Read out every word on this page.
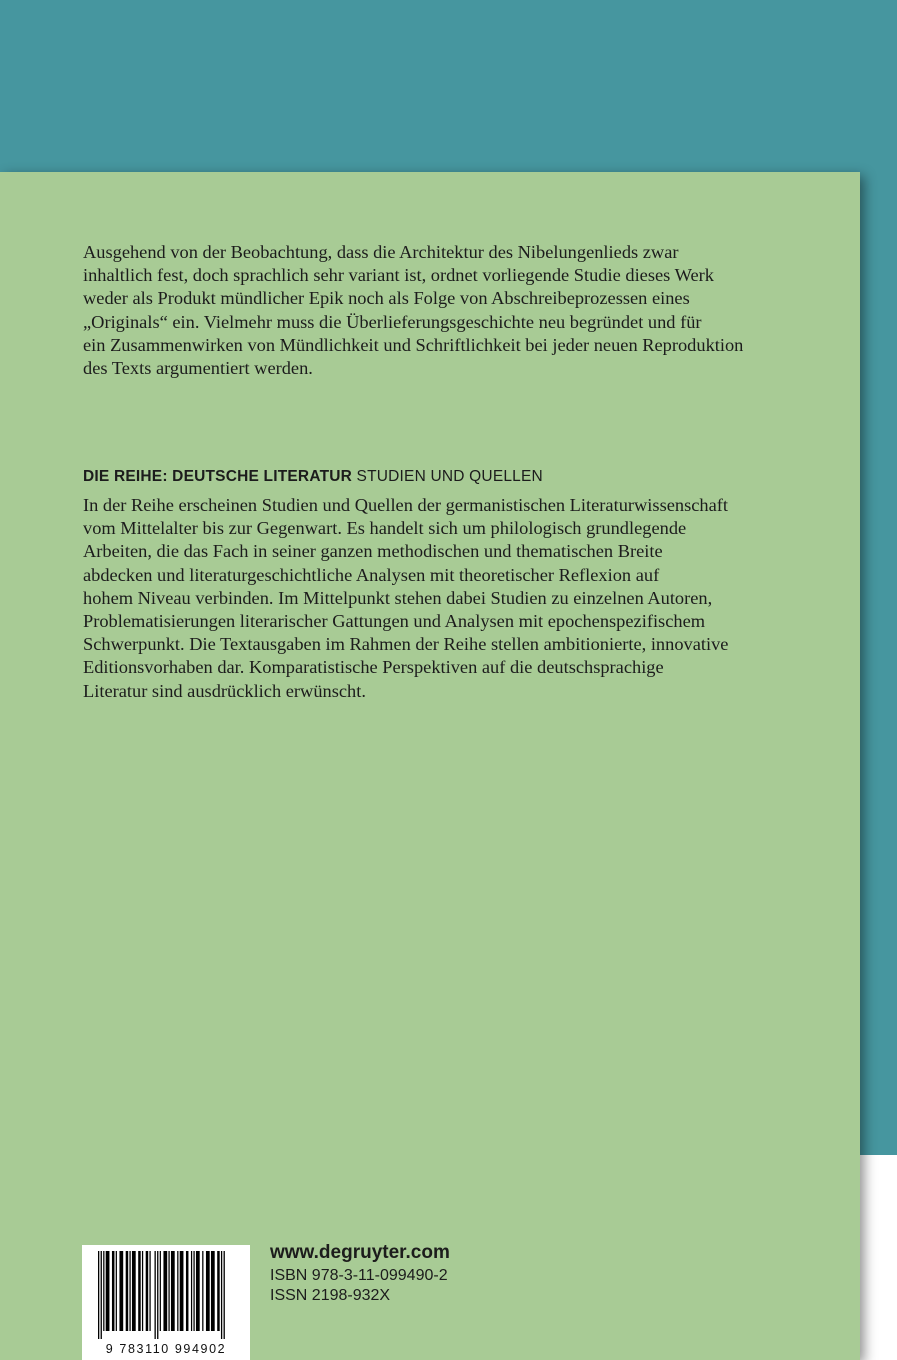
Ausgehend von der Beobachtung, dass die Architektur des Nibelungenlieds zwar
inhaltlich fest, doch sprachlich sehr variant ist, ordnet vorliegende Studie dieses Werk
weder als Produkt mündlicher Epik noch als Folge von Abschreibeprozessen eines
„Originals“ ein. Vielmehr muss die Überlieferungsgeschichte neu begründet und für
ein Zusammenwirken von Mündlichkeit und Schriftlichkeit bei jeder neuen Reproduktion
des Texts argumentiert werden.
DIE REIHE: DEUTSCHE LITERATUR STUDIEN UND QUELLEN
In der Reihe erscheinen Studien und Quellen der germanistischen Literaturwissenschaft
vom Mittelalter bis zur Gegenwart. Es handelt sich um philologisch grundlegende
Arbeiten, die das Fach in seiner ganzen methodischen und thematischen Breite
abdecken und literaturgeschichtliche Analysen mit theoretischer Reflexion auf
hohem Niveau verbinden. Im Mittelpunkt stehen dabei Studien zu einzelnen Autoren,
Problematisierungen literarischer Gattungen und Analysen mit epochenspezifischem
Schwerpunkt. Die Textausgaben im Rahmen der Reihe stellen ambitionierte, innovative
Editionsvorhaben dar. Komparatistische Perspektiven auf die deutschsprachige
Literatur sind ausdrücklich erwünscht.
9 783110 994902
www.degruyter.com
ISBN 978-3-11-099490-2
ISSN 2198-932X
